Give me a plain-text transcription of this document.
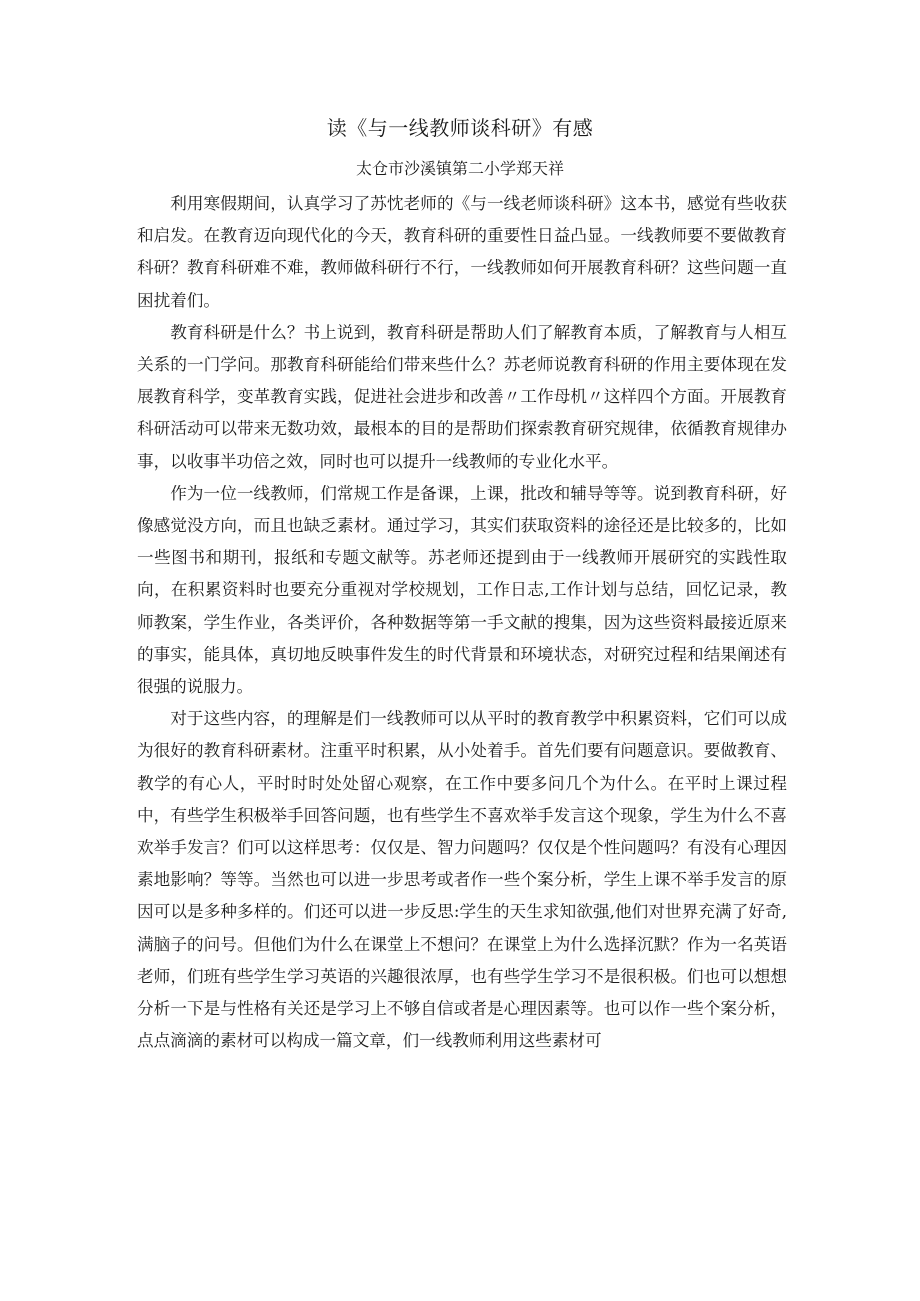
读《与一线教师谈科研》有感
太仓市沙溪镇第二小学郑天祥

利用寒假期间，认真学习了苏忱老师的《与一线老师谈科研》这本书，感觉有些收获和启发。在教育迈向现代化的今天，教育科研的重要性日益凸显。一线教师要不要做教育科研？教育科研难不难，教师做科研行不行，一线教师如何开展教育科研？这些问题一直困扰着们。

教育科研是什么？书上说到，教育科研是帮助人们了解教育本质，了解教育与人相互关系的一门学问。那教育科研能给们带来些什么？苏老师说教育科研的作用主要体现在发展教育科学，变革教育实践，促进社会进步和改善〃工作母机〃这样四个方面。开展教育科研活动可以带来无数功效，最根本的目的是帮助们探索教育研究规律，依循教育规律办事，以收事半功倍之效，同时也可以提升一线教师的专业化水平。

作为一位一线教师，们常规工作是备课，上课，批改和辅导等等。说到教育科研，好像感觉没方向，而且也缺乏素材。通过学习，其实们获取资料的途径还是比较多的，比如一些图书和期刊，报纸和专题文献等。苏老师还提到由于一线教师开展研究的实践性取向，在积累资料时也要充分重视对学校规划，工作日志,工作计划与总结，回忆记录，教师教案，学生作业，各类评价，各种数据等第一手文献的搜集，因为这些资料最接近原来的事实，能具体，真切地反映事件发生的时代背景和环境状态，对研究过程和结果阐述有很强的说服力。

对于这些内容，的理解是们一线教师可以从平时的教育教学中积累资料，它们可以成为很好的教育科研素材。注重平时积累，从小处着手。首先们要有问题意识。要做教育、教学的有心人，平时时时处处留心观察，在工作中要多问几个为什么。在平时上课过程中，有些学生积极举手回答问题，也有些学生不喜欢举手发言这个现象，学生为什么不喜欢举手发言？们可以这样思考：仅仅是、智力问题吗？仅仅是个性问题吗？有没有心理因素地影响？等等。当然也可以进一步思考或者作一些个案分析，学生上课不举手发言的原因可以是多种多样的。们还可以进一步反思:学生的天生求知欲强,他们对世界充满了好奇,满脑子的问号。但他们为什么在课堂上不想问？在课堂上为什么选择沉默？作为一名英语老师，们班有些学生学习英语的兴趣很浓厚，也有些学生学习不是很积极。们也可以想想分析一下是与性格有关还是学习上不够自信或者是心理因素等。也可以作一些个案分析，点点滴滴的素材可以构成一篇文章，们一线教师利用这些素材可
